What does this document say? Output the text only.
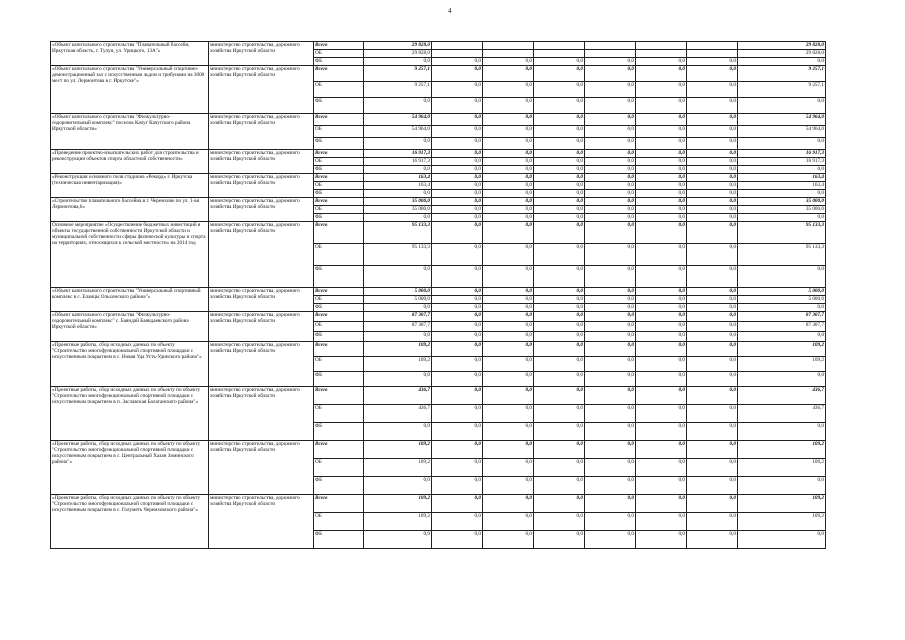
4
«Объект капитального строительства "Плавательный бассейн, Иркутская область, г. Тулун, ул. Урицкого, 13А"»	министерство строительства, дорожного хозяйства Иркутской области	Всего	29 828,0							29 828,0
		ОБ	29 828,0							29 828,0
		ФБ	0,0	0,0	0,0	0,0	0,0	0,0	0,0	0,0
«Объект капитального строительства "Универсальный спортивно-демонстрационный зал с искусственным льдом и трибунами на 3000 мест по ул. Лермонтова в г. Иркутске"»	министерство строительства, дорожного хозяйства Иркутской области	Всего	9 257,1	0,0	0,0	0,0	0,0	0,0	0,0	9 257,1
		ОБ	9 257,1	0,0	0,0	0,0	0,0	0,0	0,0	9 257,1
		ФБ	0,0	0,0	0,0	0,0	0,0	0,0	0,0	0,0
«Объект капитального строительства "Физкультурно-оздоровительный комплекс" поселок Качуг Качугского района Иркутской области»	министерство строительства, дорожного хозяйства Иркутской области	Всего	54 964,0	0,0	0,0	0,0	0,0	0,0	0,0	54 964,0
		ОБ	54 964,0	0,0	0,0	0,0	0,0	0,0	0,0	54 964,0
		ФБ	0,0	0,0	0,0	0,0	0,0	0,0	0,0	0,0
«Проведение проектно-изыскательских работ для строительства и реконструкции объектов спорта областной собственности»	министерство строительства, дорожного хозяйства Иркутской области	Всего	16 917,3	0,0	0,0	0,0	0,0	0,0	0,0	16 917,3
		ОБ	16 917,3	0,0	0,0	0,0	0,0	0,0	0,0	16 917,3
		ФБ	0,0	0,0	0,0	0,0	0,0	0,0	0,0	0,0
«Реконструкция основного поля стадиона «Рекорд» г. Иркутска (техническая инвентаризация)»	министерство строительства, дорожного хозяйства Иркутской области	Всего	163,4	0,0	0,0	0,0	0,0	0,0	0,0	163,4
		ОБ	163,4	0,0	0,0	0,0	0,0	0,0	0,0	163,4
		ФБ	0,0	0,0	0,0	0,0	0,0	0,0	0,0	0,0
«Строительство плавательного бассейна в г. Черемхово по ул. 1-ая Лермонтова,6»	министерство строительства, дорожного хозяйства Иркутской области	Всего	35 000,0	0,0	0,0	0,0	0,0	0,0	0,0	35 000,0
		ОБ	35 000,0	0,0	0,0	0,0	0,0	0,0	0,0	35 000,0
		ФБ	0,0	0,0	0,0	0,0	0,0	0,0	0,0	0,0
Основное мероприятие «Осуществление бюджетных инвестиций в объекты государственной собственности Иркутской области и муниципальной собственности сферы физической культуры и спорта на территориях, относящихся к сельской местности» на 2014 год	министерство строительства, дорожного хозяйства Иркутской области	Всего	95 133,3	0,0	0,0	0,0	0,0	0,0	0,0	95 133,3
		ОБ	95 133,3	0,0	0,0	0,0	0,0	0,0	0,0	95 133,3
		ФБ	0,0	0,0	0,0	0,0	0,0	0,0	0,0	0,0
«Объект капитального строительства "Универсальный спортивный комплекс в с. Еланцы Ольхонского района"»	министерство строительства, дорожного хозяйства Иркутской области	Всего	5 000,0	0,0	0,0	0,0	0,0	0,0	0,0	5 000,0
		ОБ	5 000,0	0,0	0,0	0,0	0,0	0,0	0,0	5 000,0
		ФБ	0,0	0,0	0,0	0,0	0,0	0,0	0,0	0,0
«Объект капитального строительства "Физкультурно-оздоровительный комплекс" с. Баяндай Баяндаевского района Иркутской области»	министерство строительства, дорожного хозяйства Иркутской области	Всего	87 307,7	0,0	0,0	0,0	0,0	0,0	0,0	87 307,7
		ОБ	87 307,7	0,0	0,0	0,0	0,0	0,0	0,0	87 307,7
		ФБ	0,0	0,0	0,0	0,0	0,0	0,0	0,0	0,0
«Проектные работы, сбор исходных данных по объекту "Строительство многофункциональной спортивной площадки с искусственным покрытием в с. Новая Уда Усть-Удинского района"»	министерство строительства, дорожного хозяйства Иркутской области	Всего	109,2	0,0	0,0	0,0	0,0	0,0	0,0	109,2
		ОБ	109,2	0,0	0,0	0,0	0,0	0,0	0,0	109,2
		ФБ	0,0	0,0	0,0	0,0	0,0	0,0	0,0	0,0
«Проектные работы, сбор исходных данных по объекту по объекту "Строительство многофункциональной спортивной площадки с искусственным покрытием в п. Заславская Балаганского района"»	министерство строительства, дорожного хозяйства Иркутской области	Всего	436,7	0,0	0,0	0,0	0,0	0,0	0,0	436,7
		ОБ	436,7	0,0	0,0	0,0	0,0	0,0	0,0	436,7
		ФБ	0,0	0,0	0,0	0,0	0,0	0,0	0,0	0,0
«Проектные работы, сбор исходных данных по объекту по объекту "Строительство многофункциональной спортивной площадки с искусственным покрытием в с. Центральный Хазан Зиминского района"»	министерство строительства, дорожного хозяйства Иркутской области	Всего	109,2	0,0	0,0	0,0	0,0	0,0	0,0	109,2
		ОБ	109,2	0,0	0,0	0,0	0,0	0,0	0,0	109,2
		ФБ	0,0	0,0	0,0	0,0	0,0	0,0	0,0	0,0
«Проектные работы, сбор исходных данных по объекту по объекту "Строительство многофункциональной спортивной площадки с искусственным покрытием в с. Голуметь Черемховского района"»	министерство строительства, дорожного хозяйства Иркутской области	Всего	109,2	0,0	0,0	0,0	0,0	0,0	0,0	109,2
		ОБ	109,2	0,0	0,0	0,0	0,0	0,0	0,0	109,2
		ФБ	0,0	0,0	0,0	0,0	0,0	0,0	0,0	0,0
